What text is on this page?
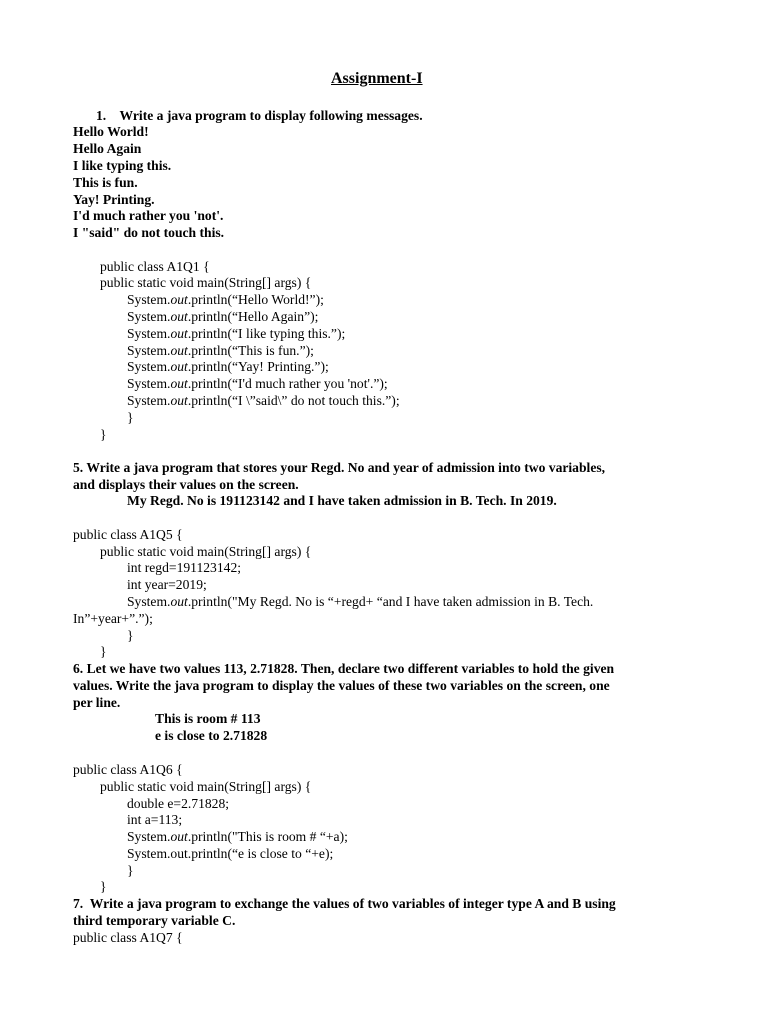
Assignment-I
1.    Write a java program to display following messages.
Hello World!
Hello Again
I like typing this.
This is fun.
Yay! Printing.
I'd much rather you 'not'.
I "said" do not touch this.
public class A1Q1 {
public static void main(String[] args) {
System.out.println(“Hello World!”);
System.out.println(“Hello Again”);
System.out.println(“I like typing this.”);
System.out.println(“This is fun.”);
System.out.println(“Yay! Printing.”);
System.out.println(“I'd much rather you 'not'.”);
System.out.println(“I \”said\” do not touch this.”);
}
}
5. Write a java program that stores your Regd. No and year of admission into two variables,
and displays their values on the screen.
My Regd. No is 191123142 and I have taken admission in B. Tech. In 2019.
public class A1Q5 {
public static void main(String[] args) {
int regd=191123142;
int year=2019;
System.out.println("My Regd. No is “+regd+ “and I have taken admission in B. Tech.
In”+year+”.”);
}
}
6. Let we have two values 113, 2.71828. Then, declare two different variables to hold the given
values. Write the java program to display the values of these two variables on the screen, one
per line.
This is room # 113
e is close to 2.71828
public class A1Q6 {
public static void main(String[] args) {
double e=2.71828;
int a=113;
System.out.println("This is room # “+a);
System.out.println(“e is close to “+e);
}
}
7.  Write a java program to exchange the values of two variables of integer type A and B using
third temporary variable C.
public class A1Q7 {
